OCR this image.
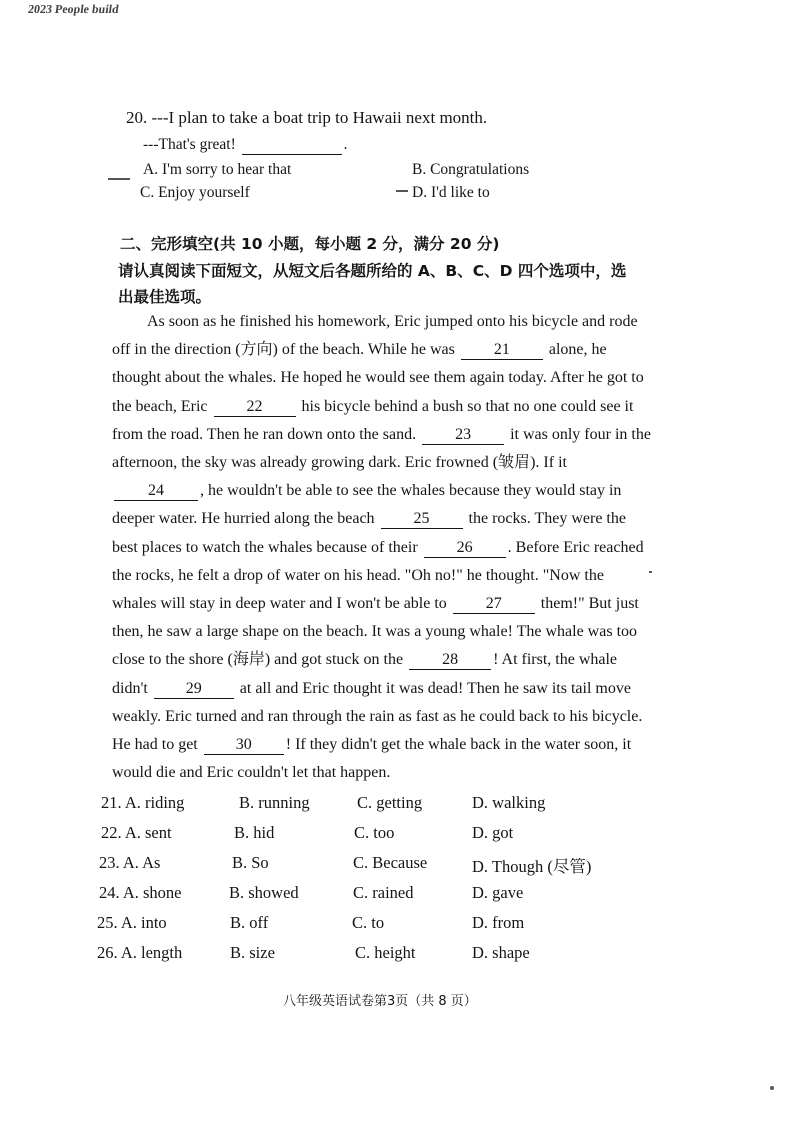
2023 People build
20. ---I plan to take a boat trip to Hawaii next month.
---That's great!	.
A. I'm sorry to hear that	B. Congratulations
C. Enjoy yourself	D. I'd like to
二、完形填空(共 10 小题，每小题 2 分，满分 20 分)
请认真阅读下面短文，从短文后各题所给的 A、B、C、D 四个选项中，选
出最佳选项。
As soon as he finished his homework, Eric jumped onto his bicycle and rode
off in the direction (方向) of the beach. While he was 21 alone, he
thought about the whales. He hoped he would see them again today. After he got to
the beach, Eric 22 his bicycle behind a bush so that no one could see it
from the road. Then he ran down onto the sand. 23 it was only four in the
afternoon, the sky was already growing dark. Eric frowned (皱眉). If it
24 , he wouldn't be able to see the whales because they would stay in
deeper water. He hurried along the beach 25 the rocks. They were the
best places to watch the whales because of their 26 . Before Eric reached
the rocks, he felt a drop of water on his head. "Oh no!" he thought. "Now the
whales will stay in deep water and I won't be able to 27 them!" But just
then, he saw a large shape on the beach. It was a young whale! The whale was too
close to the shore (海岸) and got stuck on the 28 ! At first, the whale
didn't 29 at all and Eric thought it was dead! Then he saw its tail move
weakly. Eric turned and ran through the rain as fast as he could back to his bicycle.
He had to get 30 ! If they didn't get the whale back in the water soon, it
would die and Eric couldn't let that happen.
21. A. riding	B. running	C. getting	D. walking
22. A. sent	B. hid	C. too	D. got
23. A. As	B. So	C. Because	D. Though (尽管)
24. A. shone	B. showed	C. rained	D. gave
25. A. into	B. off	C. to	D. from
26. A. length	B. size	C. height	D. shape
八年级英语试卷第3页（共 8 页）
